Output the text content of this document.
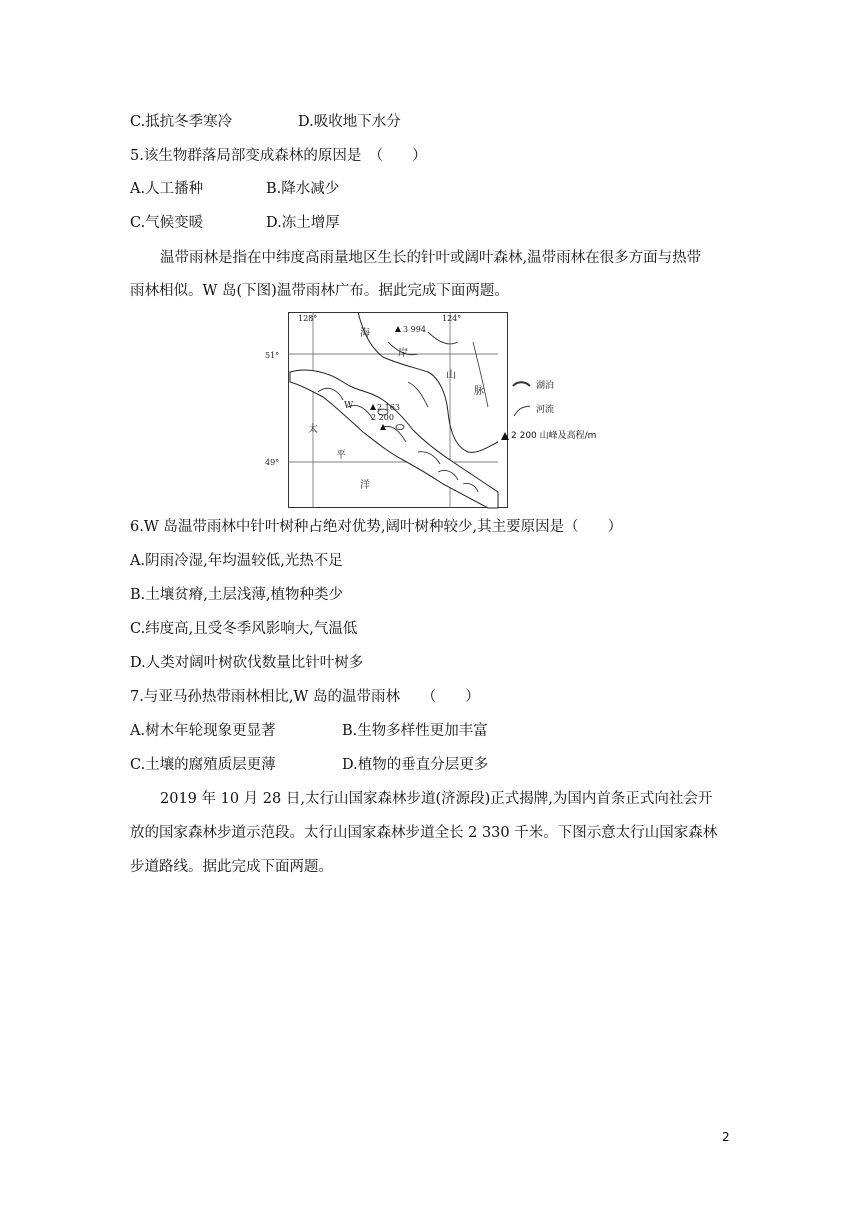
C.抵抗冬季寒冷	D.吸收地下水分
5.该生物群落局部变成森林的原因是　（　　）
A.人工播种	B.降水减少
C.气候变暖	D.冻土增厚
温带雨林是指在中纬度高雨量地区生长的针叶或阔叶森林,温带雨林在很多方面与热带
雨林相似。W 岛(下图)温带雨林广布。据此完成下面两题。
128°	124°
51°
49°
3 994
2 163
2 200
W
海
岸
山
脉
太
平
洋
湖泊
河流
2 200 山峰及高程/m
6.W 岛温带雨林中针叶树种占绝对优势,阔叶树种较少,其主要原因是（　　）
A.阴雨冷湿,年均温较低,光热不足
B.土壤贫瘠,土层浅薄,植物种类少
C.纬度高,且受冬季风影响大,气温低
D.人类对阔叶树砍伐数量比针叶树多
7.与亚马孙热带雨林相比,W 岛的温带雨林　　（　　）
A.树木年轮现象更显著	B.生物多样性更加丰富
C.土壤的腐殖质层更薄	D.植物的垂直分层更多
2019 年 10 月 28 日,太行山国家森林步道(济源段)正式揭牌,为国内首条正式向社会开
放的国家森林步道示范段。太行山国家森林步道全长 2 330 千米。下图示意太行山国家森林
步道路线。据此完成下面两题。
2
